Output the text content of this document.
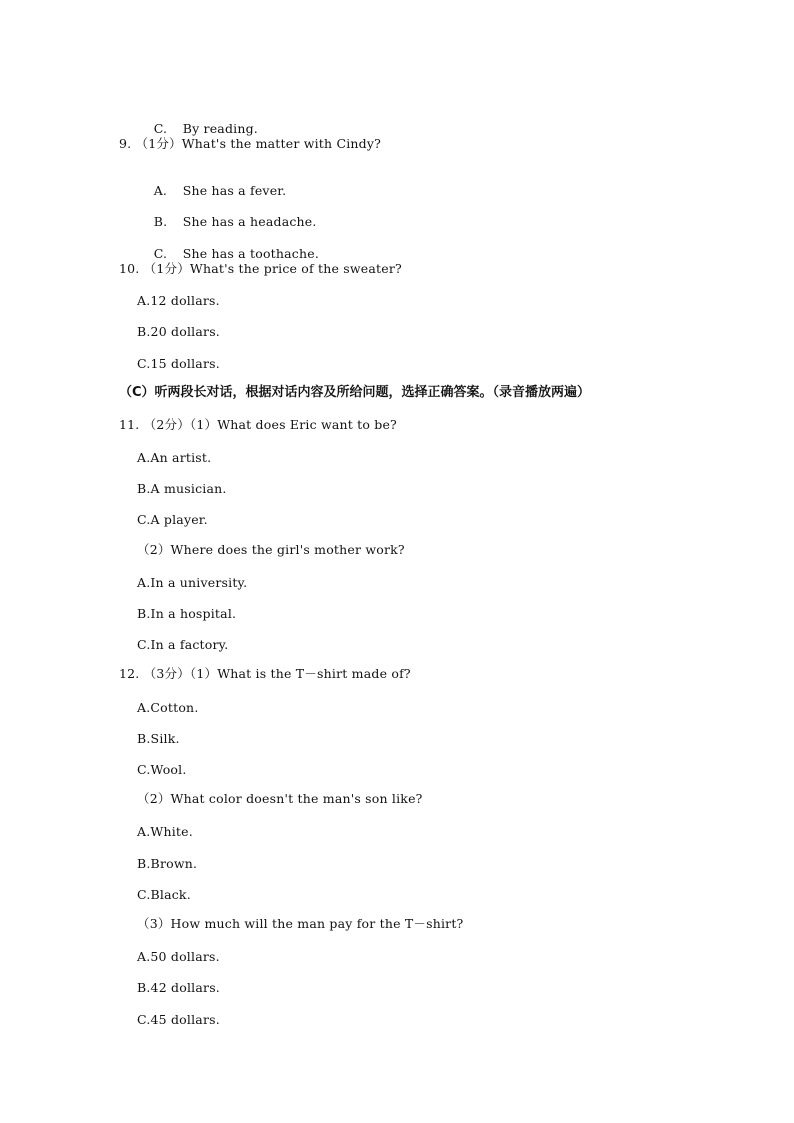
C. By reading.

9. （1分）What's the matter with Cindy?

A. She has a fever.

B. She has a headache.

C. She has a toothache.

10. （1分）What's the price of the sweater?
A.12 dollars.
B.20 dollars.
C.15 dollars.
（C）听两段长对话，根据对话内容及所给问题，选择正确答案。（录音播放两遍）
11. （2分）（1）What does Eric want to be?
A.An artist.
B.A musician.
C.A player.
（2）Where does the girl's mother work?
A.In a university.
B.In a hospital.
C.In a factory.
12. （3分）（1）What is the T－shirt made of?
A.Cotton.
B.Silk.
C.Wool.
（2）What color doesn't the man's son like?
A.White.
B.Brown.
C.Black.
（3）How much will the man pay for the T－shirt?
A.50 dollars.
B.42 dollars.
C.45 dollars.
